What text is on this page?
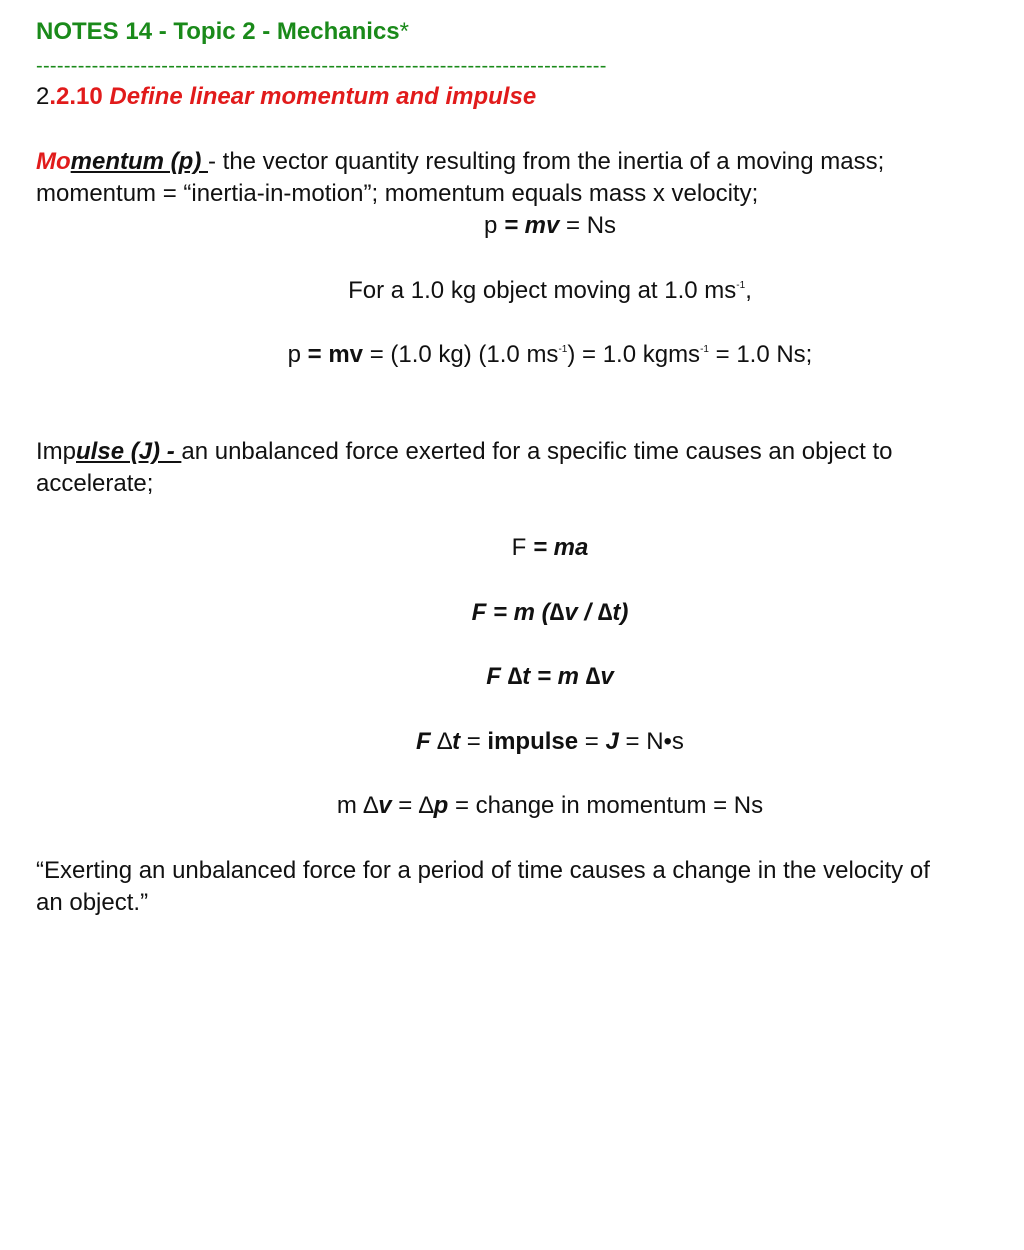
NOTES 14 - Topic 2 - Mechanics*
----------------------------------------------------------------------------------
2.2.10 Define linear momentum and impulse
Momentum (p) - the vector quantity resulting from the inertia of a moving mass;
momentum = “inertia-in-motion”; momentum equals mass x velocity;
p = mv = Ns
For a 1.0 kg object moving at 1.0 $ms^{-1}$,
p = mv = (1.0 kg) (1.0 $ms^{-1}) = 1.0$ kgms$^{-1}$ = 1.0 Ns;
Impulse (J) - an unbalanced force exerted for a specific time causes an object to
accelerate;
F = ma
F = m (∆v / ∆t)
F ∆t = m ∆v
F ∆t = impulse = J = N•s
m ∆v = ∆p = change in momentum = Ns
“Exerting an unbalanced force for a period of time causes a change in the velocity of
an object.”
